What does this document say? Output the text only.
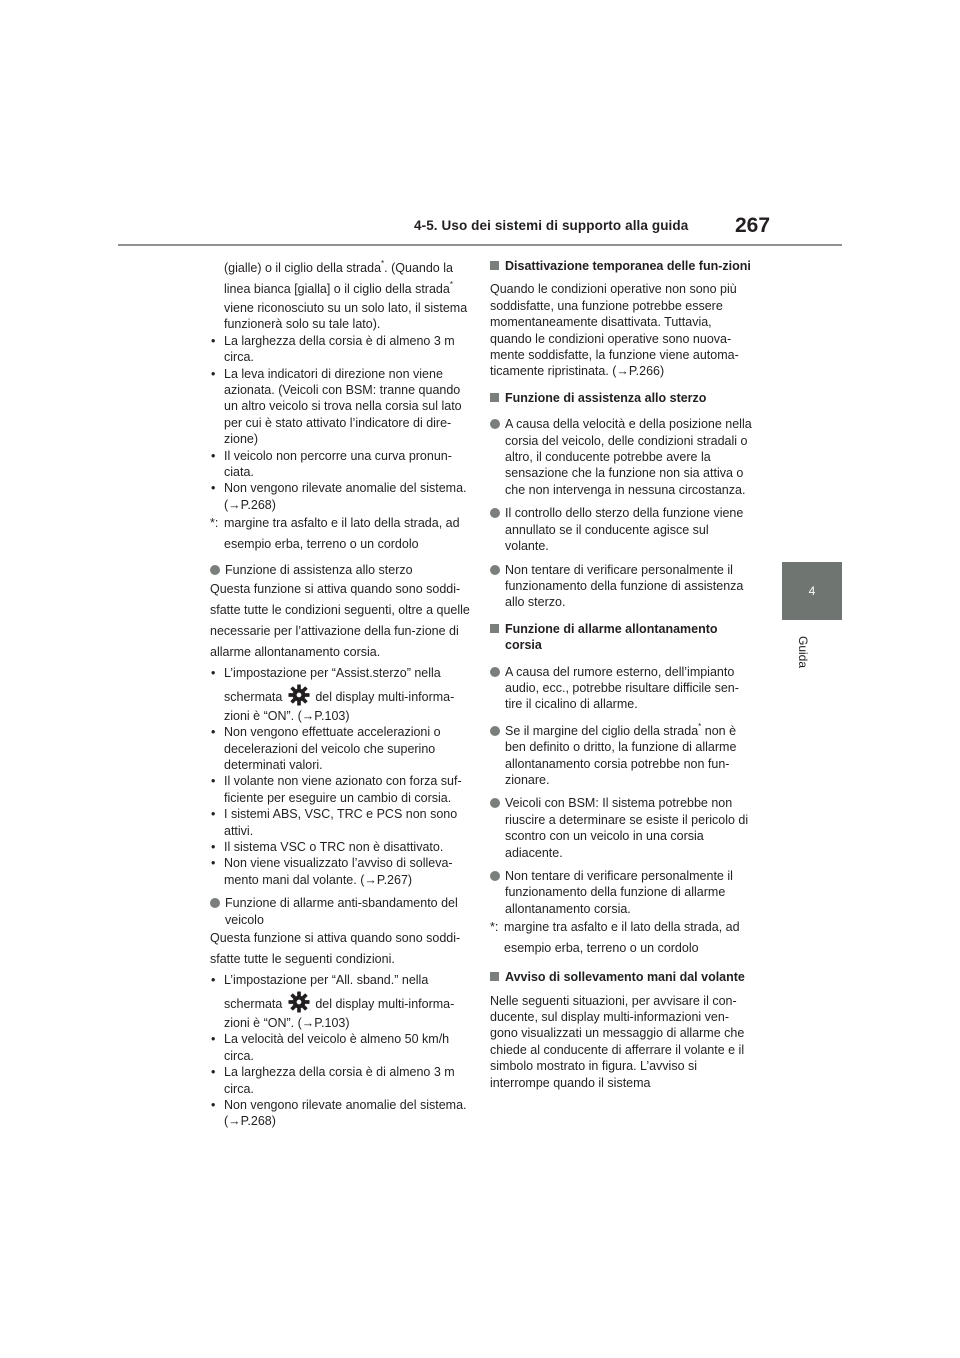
4-5. Uso dei sistemi di supporto alla guida 267
4
Guida

(gialle) o il ciglio della strada*. (Quando la

linea bianca [gialla] o il ciglio della strada*

viene riconosciuto su un solo lato, il sistema funzionerà solo su tale lato).

• La larghezza della corsia è di almeno 3 m circa.

• La leva indicatori di direzione non viene azionata. (Veicoli con BSM: tranne quando un altro veicolo si trova nella corsia sul lato per cui è stato attivato l’indicatore di dire-zione)

• Il veicolo non percorre una curva pronun-ciata.

• Non vengono rilevate anomalie del sistema. (→P.268)

*: margine tra asfalto e il lato della strada, ad esempio erba, terreno o un cordolo

Funzione di assistenza allo sterzo

Questa funzione si attiva quando sono soddi-sfatte tutte le condizioni seguenti, oltre a quelle necessarie per l’attivazione della fun-zione di allarme allontanamento corsia.

• L’impostazione per “Assist.sterzo” nella

schermata	del display multi-informa-

zioni è “ON”. (→P.103)

• Non vengono effettuate accelerazioni o decelerazioni del veicolo che superino determinati valori.

• Il volante non viene azionato con forza suf-ficiente per eseguire un cambio di corsia.

• I sistemi ABS, VSC, TRC e PCS non sono attivi.

• Il sistema VSC o TRC non è disattivato.

• Non viene visualizzato l’avviso di solleva-mento mani dal volante. (→P.267)

Funzione di allarme anti-sbandamento del veicolo

Questa funzione si attiva quando sono soddi-sfatte tutte le seguenti condizioni.

• L’impostazione per “All. sband.” nella

schermata	del display multi-informa-

zioni è “ON”. (→P.103)

• La velocità del veicolo è almeno 50 km/h circa.

• La larghezza della corsia è di almeno 3 m circa.

• Non vengono rilevate anomalie del sistema. (→P.268)

Disattivazione temporanea delle fun-zioni

Quando le condizioni operative non sono più soddisfatte, una funzione potrebbe essere momentaneamente disattivata. Tuttavia, quando le condizioni operative sono nuova-mente soddisfatte, la funzione viene automa-ticamente ripristinata. (→P.266)

Funzione di assistenza allo sterzo

A causa della velocità e della posizione nella corsia del veicolo, delle condizioni stradali o altro, il conducente potrebbe avere la sensazione che la funzione non sia attiva o che non intervenga in nessuna circostanza.

Il controllo dello sterzo della funzione viene annullato se il conducente agisce sul volante.

Non tentare di verificare personalmente il funzionamento della funzione di assistenza allo sterzo.

Funzione di allarme allontanamento corsia

A causa del rumore esterno, dell’impianto audio, ecc., potrebbe risultare difficile sen-tire il cicalino di allarme.

Se il margine del ciglio della strada* non è ben definito o dritto, la funzione di allarme allontanamento corsia potrebbe non fun-zionare.

Veicoli con BSM: Il sistema potrebbe non riuscire a determinare se esiste il pericolo di scontro con un veicolo in una corsia adiacente.

Non tentare di verificare personalmente il funzionamento della funzione di allarme allontanamento corsia.

*: margine tra asfalto e il lato della strada, ad esempio erba, terreno o un cordolo

Avviso di sollevamento mani dal volante

Nelle seguenti situazioni, per avvisare il con-ducente, sul display multi-informazioni ven-gono visualizzati un messaggio di allarme che chiede al conducente di afferrare il volante e il simbolo mostrato in figura. L’avviso si interrompe quando il sistema
